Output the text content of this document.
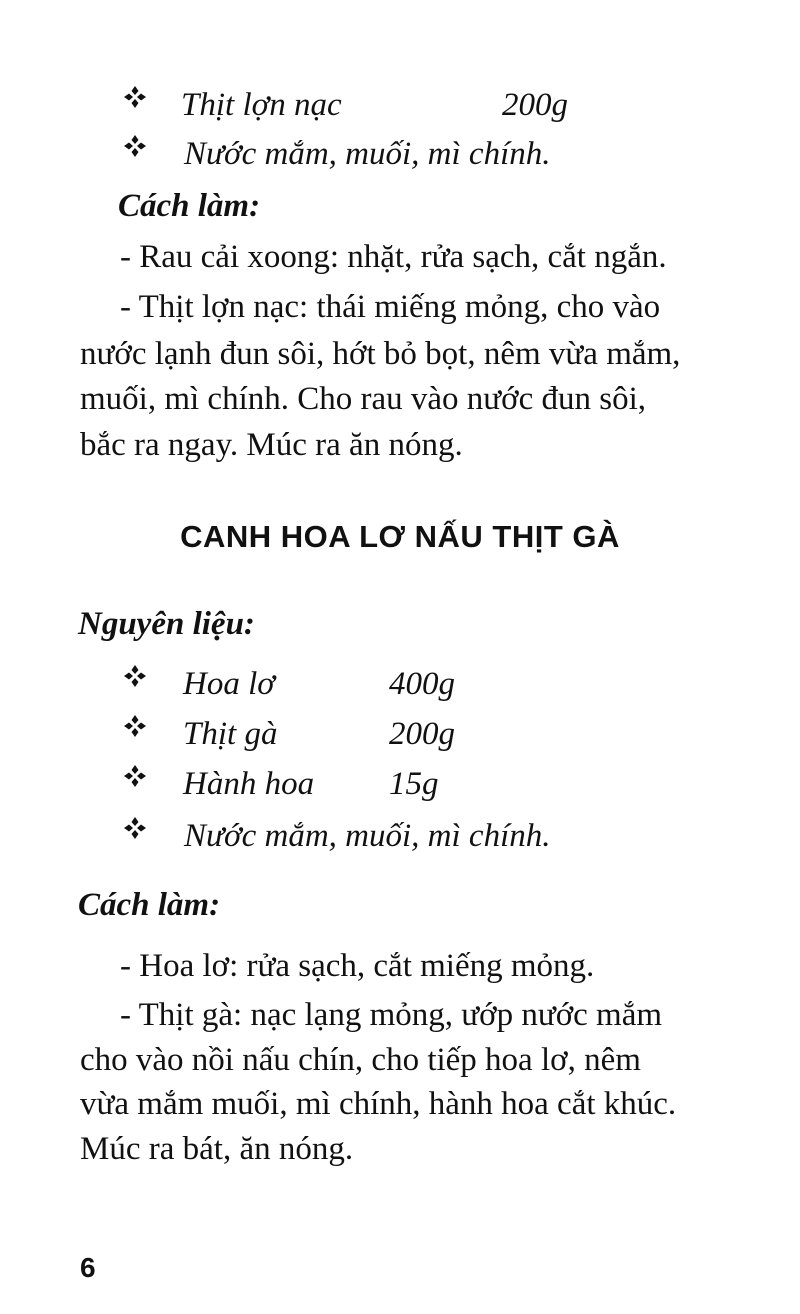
Thịt lợn nạc	200g
Nước mắm, muối, mì chính.
Cách làm:
- Rau cải xoong: nhặt, rửa sạch, cắt ngắn.
- Thịt lợn nạc: thái miếng mỏng, cho vào
nước lạnh đun sôi, hớt bỏ bọt, nêm vừa mắm,
muối, mì chính. Cho rau vào nước đun sôi,
bắc ra ngay. Múc ra ăn nóng.
CANH HOA LƠ NẤU THỊT GÀ
Nguyên liệu:
Hoa lơ	400g
Thịt gà	200g
Hành hoa 15g
Nước mắm, muối, mì chính.
Cách làm:
- Hoa lơ: rửa sạch, cắt miếng mỏng.
- Thịt gà: nạc lạng mỏng, ướp nước mắm
cho vào nồi nấu chín, cho tiếp hoa lơ, nêm
vừa mắm muối, mì chính, hành hoa cắt khúc.
Múc ra bát, ăn nóng.
6
